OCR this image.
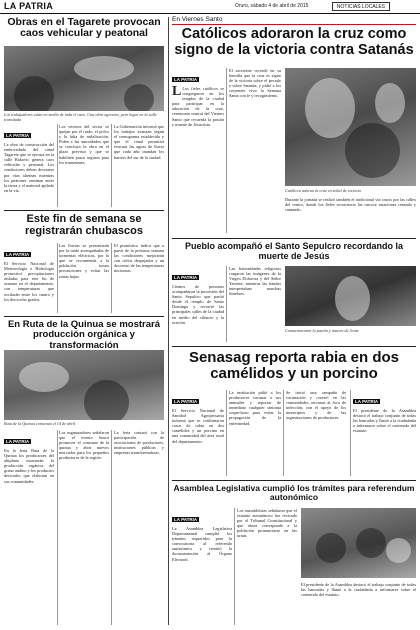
LA PATRIA	Oruro, sábado 4 de abril de 2015	NOTICIAS LOCALES
Obras en el Tagarete provocan caos vehicular y peatonal
Los trabajadores están en medio de toda el caos. Una obra agresiva, pero lugar en la calle transitada
LA PATRIA
La obra de construcción del embovedado del canal Tagarete que se ejecuta en la calle Bakovic genera caos vehicular y peatonal. Los conductores deben desviarse por vías alternas mientras los peatones caminan entre la tierra y el material apilado en la vía.
Los vecinos del sector se quejan por el ruido, el polvo y la falta de señalización. Piden a las autoridades que se concluya la obra en el plazo previsto y que se habiliten pasos seguros para los transeúntes.
La Gobernación informó que los trabajos avanzan según el cronograma establecido y que el canal permitirá evacuar las aguas de lluvia que cada año inundan los barrios del sur de la ciudad.
Este fin de semana se registrarán chubascos
LA PATRIA
El Servicio Nacional de Meteorología e Hidrología pronosticó precipitaciones aisladas para este fin de semana en el departamento, con temperaturas que oscilarán entre los cuatro y los dieciocho grados.
Las lluvias se presentarán por la tarde acompañadas de tormentas eléctricas, por lo que se recomienda a la población tomar precauciones y evitar las zonas bajas.
El pronóstico indica que a partir de la próxima semana las condiciones mejorarán con cielos despejados y un descenso de las temperaturas nocturnas.
En Ruta de la Quinua se mostrará producción orgánica y transformación
Ruta de la Quinua comienza el 14 de abril
LA PATRIA
En la feria Ruta de la Quinua los productores del altiplano mostrarán la producción orgánica del grano andino y los productos derivados que elaboran en sus comunidades.
Los organizadores señalaron que el evento busca promover el consumo de la quinua y abrir nuevos mercados para los pequeños productores de la región.
La feria contará con la participación de asociaciones de productores, instituciones públicas y empresas transformadoras.
En Viernes Santo
Católicos adoraron la cruz como signo de la victoria contra Satanás
LA PATRIA
L Los fieles católicos se congregaron en los templos de la ciudad para participar en la adoración de la cruz, ceremonia central del Viernes Santo que recuerda la pasión y muerte de Jesucristo.
El sacerdote recordó en su homilía que la cruz es signo de la victoria sobre el pecado y sobre Satanás, y pidió a los creyentes vivir la Semana Santa con fe y recogimiento.
Católicos adoran la cruz en señal de victoria
Durante la jornada se realizó también el tradicional vía crucis por las calles del centro, donde los fieles recorrieron las catorce estaciones rezando y cantando.
Pueblo acompañó el Santo Sepulcro recordando la muerte de Jesús
LA PATRIA
Cientos de personas acompañaron la procesión del Santo Sepulcro que partió desde el templo de Santo Domingo y recorrió las principales calles de la ciudad en medio del silencio y la oración.
Las fraternidades religiosas cargaron las imágenes de la Virgen Dolorosa y del Señor Yacente, mientras las bandas interpretaban marchas fúnebres.
Conmemoraron la pasión y muerte de Jesús
Senasag reporta rabia en dos camélidos y un porcino
LA PATRIA
El Servicio Nacional de Sanidad Agropecuaria informó que se confirmaron casos de rabia en dos camélidos y un porcino en una comunidad del área rural del departamento.
La institución pidió a los productores vacunar a sus animales y reportar de inmediato cualquier síntoma sospechoso para evitar la propagación de la enfermedad.
Se inició una campaña de vacunación y control en las comunidades cercanas al foco de infección, con el apoyo de los municipios y de las organizaciones de productores.
LA PATRIA
El presidente de la Asamblea destacó el trabajo conjunto de todas las bancadas y llamó a la ciudadanía a informarse sobre el contenido del estatuto.
Asamblea Legislativa cumplió los trámites para referendum autonómico
LA PATRIA
La Asamblea Legislativa Departamental cumplió los trámites requeridos para la convocatoria al referendo autonómico y remitió la documentación al Órgano Electoral.
Los asambleístas señalaron que el estatuto autonómico fue revisado por el Tribunal Constitucional y que ahora corresponde a la población pronunciarse en las urnas.
El presidente de la Asamblea destacó el trabajo conjunto de todas las bancadas y llamó a la ciudadanía a informarse sobre el contenido del estatuto.
